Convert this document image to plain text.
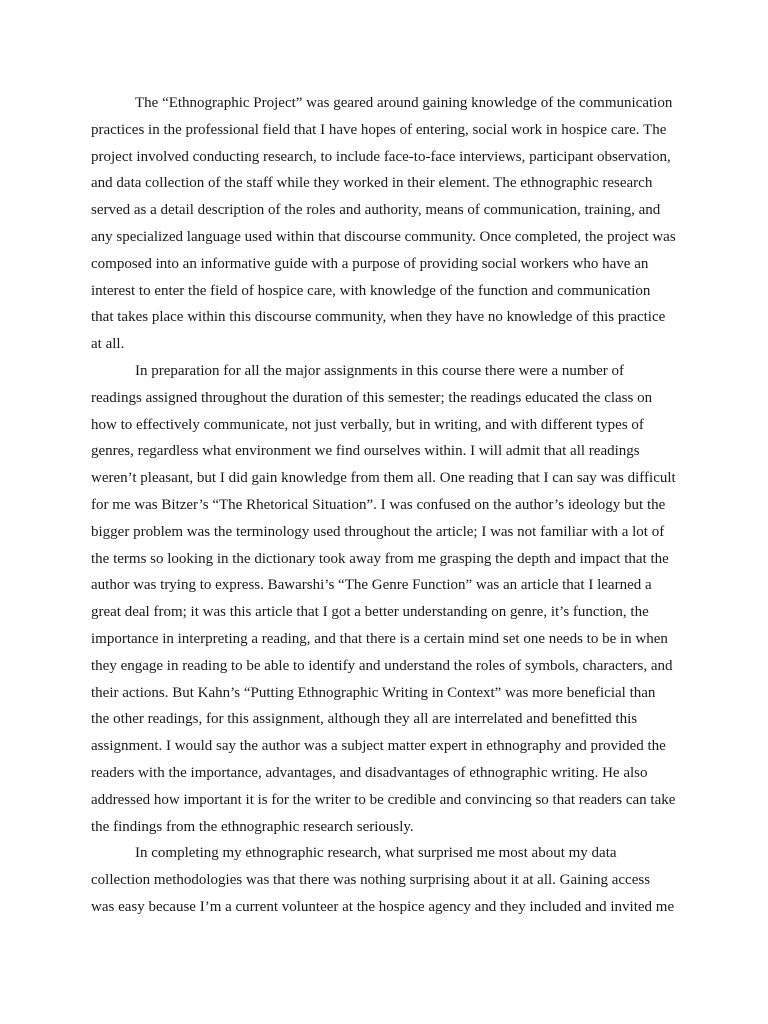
The “Ethnographic Project” was geared around gaining knowledge of the communication
practices in the professional field that I have hopes of entering, social work in hospice care. The
project involved conducting research, to include face-to-face interviews, participant observation,
and data collection of the staff while they worked in their element. The ethnographic research
served as a detail description of the roles and authority, means of communication, training, and
any specialized language used within that discourse community. Once completed, the project was
composed into an informative guide with a purpose of providing social workers who have an
interest to enter the field of hospice care, with knowledge of the function and communication
that takes place within this discourse community, when they have no knowledge of this practice
at all.
In preparation for all the major assignments in this course there were a number of
readings assigned throughout the duration of this semester; the readings educated the class on
how to effectively communicate, not just verbally, but in writing, and with different types of
genres, regardless what environment we find ourselves within. I will admit that all readings
weren’t pleasant, but I did gain knowledge from them all. One reading that I can say was difficult
for me was Bitzer’s “The Rhetorical Situation”. I was confused on the author’s ideology but the
bigger problem was the terminology used throughout the article; I was not familiar with a lot of
the terms so looking in the dictionary took away from me grasping the depth and impact that the
author was trying to express. Bawarshi’s “The Genre Function” was an article that I learned a
great deal from; it was this article that I got a better understanding on genre, it’s function, the
importance in interpreting a reading, and that there is a certain mind set one needs to be in when
they engage in reading to be able to identify and understand the roles of symbols, characters, and
their actions. But Kahn’s “Putting Ethnographic Writing in Context” was more beneficial than
the other readings, for this assignment, although they all are interrelated and benefitted this
assignment. I would say the author was a subject matter expert in ethnography and provided the
readers with the importance, advantages, and disadvantages of ethnographic writing. He also
addressed how important it is for the writer to be credible and convincing so that readers can take
the findings from the ethnographic research seriously.
In completing my ethnographic research, what surprised me most about my data
collection methodologies was that there was nothing surprising about it at all. Gaining access
was easy because I’m a current volunteer at the hospice agency and they included and invited me
